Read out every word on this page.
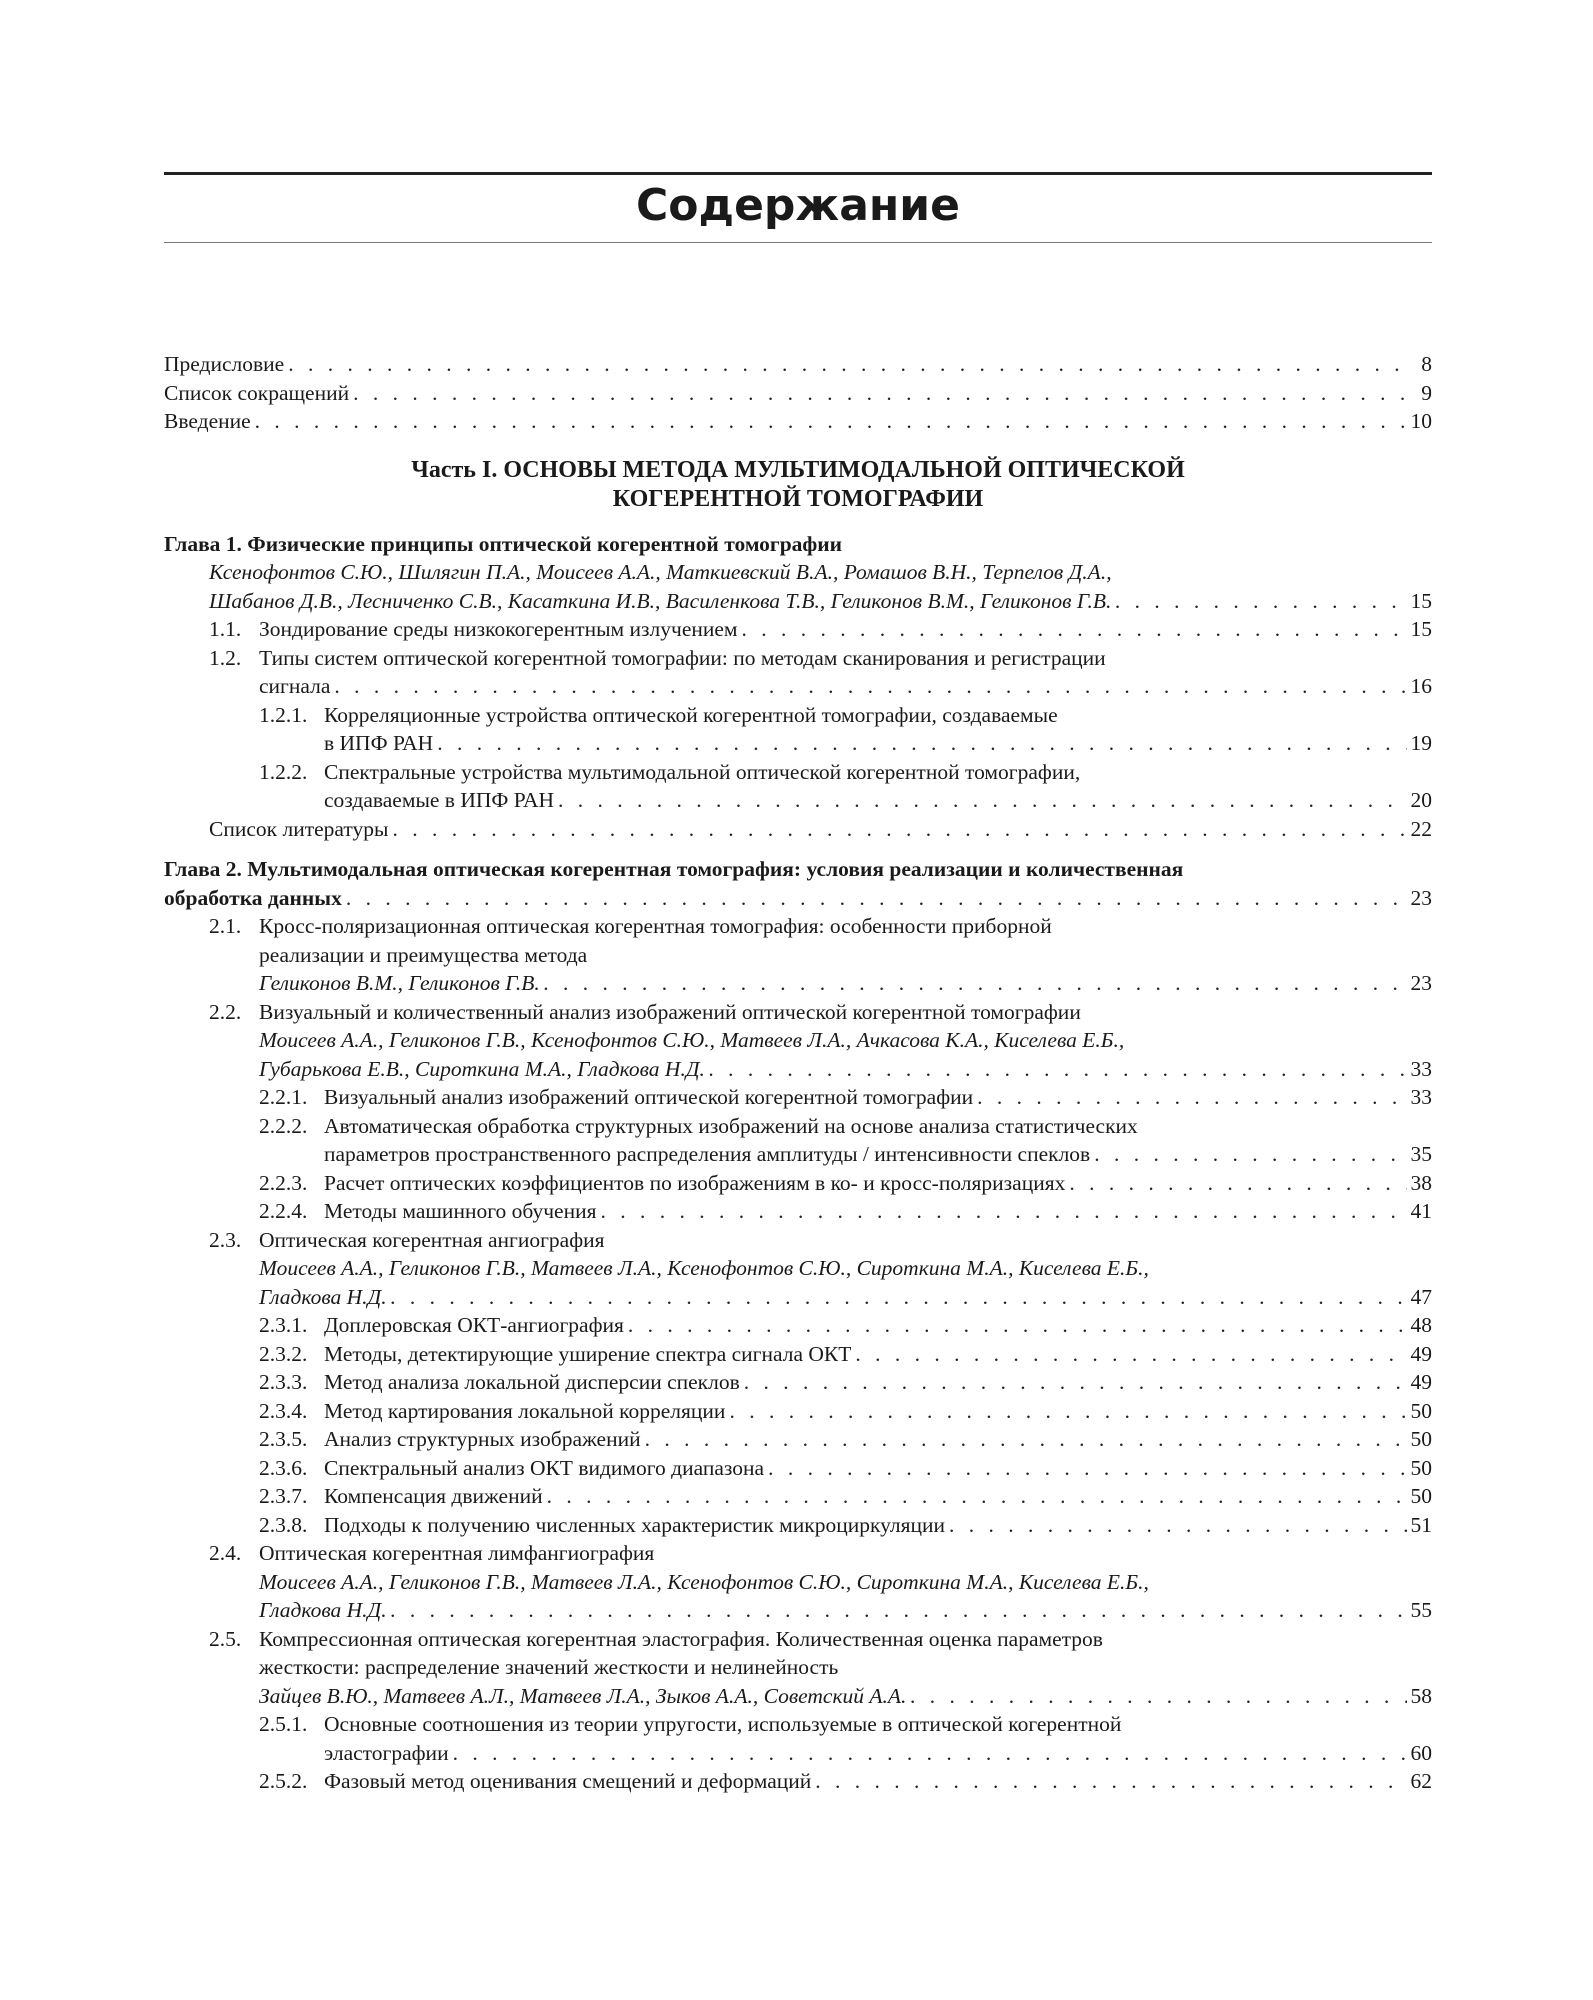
Содержание
Предисловие . . .	8
Список сокращений . . .	9
Введение . . .	10
Часть I. ОСНОВЫ МЕТОДА МУЛЬТИМОДАЛЬНОЙ ОПТИЧЕСКОЙ
КОГЕРЕНТНОЙ ТОМОГРАФИИ
Глава 1. Физические принципы оптической когерентной томографии
Ксенофонтов С.Ю., Шилягин П.А., Моисеев А.А., Маткиевский В.А., Ромашов В.Н., Терпелов Д.А.,
Шабанов Д.В., Лесниченко С.В., Касаткина И.В., Василенкова Т.В., Геликонов В.М., Геликонов Г.В. . . .	15
1.1. Зондирование среды низкокогерентным излучением . . .	15
1.2. Типы систем оптической когерентной томографии: по методам сканирования и регистрации
сигнала . . .	16
1.2.1. Корреляционные устройства оптической когерентной томографии, создаваемые
в ИПФ РАН . . .	19
1.2.2. Спектральные устройства мультимодальной оптической когерентной томографии,
создаваемые в ИПФ РАН . . .	20
Список литературы . . .	22
Глава 2. Мультимодальная оптическая когерентная томография: условия реализации и количественная
обработка данных . . .	23
2.1. Кросс-поляризационная оптическая когерентная томография: особенности приборной
реализации и преимущества метода
Геликонов В.М., Геликонов Г.В. . . .	23
2.2. Визуальный и количественный анализ изображений оптической когерентной томографии
Моисеев А.А., Геликонов Г.В., Ксенофонтов С.Ю., Матвеев Л.А., Ачкасова К.А., Киселева Е.Б.,
Губарькова Е.В., Сироткина М.А., Гладкова Н.Д. . . .	33
2.2.1. Визуальный анализ изображений оптической когерентной томографии . . .	33
2.2.2. Автоматическая обработка структурных изображений на основе анализа статистических
параметров пространственного распределения амплитуды / интенсивности спеклов . . .	35
2.2.3. Расчет оптических коэффициентов по изображениям в ко- и кросс-поляризациях . . .	38
2.2.4. Методы машинного обучения . . .	41
2.3. Оптическая когерентная ангиография
Моисеев А.А., Геликонов Г.В., Матвеев Л.А., Ксенофонтов С.Ю., Сироткина М.А., Киселева Е.Б.,
Гладкова Н.Д. . . .	47
2.3.1. Доплеровская ОКТ-ангиография . . .	48
2.3.2. Методы, детектирующие уширение спектра сигнала ОКТ . . .	49
2.3.3. Метод анализа локальной дисперсии спеклов . . .	49
2.3.4. Метод картирования локальной корреляции . . .	50
2.3.5. Анализ структурных изображений . . .	50
2.3.6. Спектральный анализ ОКТ видимого диапазона . . .	50
2.3.7. Компенсация движений . . .	50
2.3.8. Подходы к получению численных характеристик микроциркуляции . . .	51
2.4. Оптическая когерентная лимфангиография
Моисеев А.А., Геликонов Г.В., Матвеев Л.А., Ксенофонтов С.Ю., Сироткина М.А., Киселева Е.Б.,
Гладкова Н.Д. . . .	55
2.5. Компрессионная оптическая когерентная эластография. Количественная оценка параметров
жесткости: распределение значений жесткости и нелинейность
Зайцев В.Ю., Матвеев А.Л., Матвеев Л.А., Зыков А.А., Советский А.А. . . .	58
2.5.1. Основные соотношения из теории упругости, используемые в оптической когерентной
эластографии . . .	60
2.5.2. Фазовый метод оценивания смещений и деформаций . . .	62
